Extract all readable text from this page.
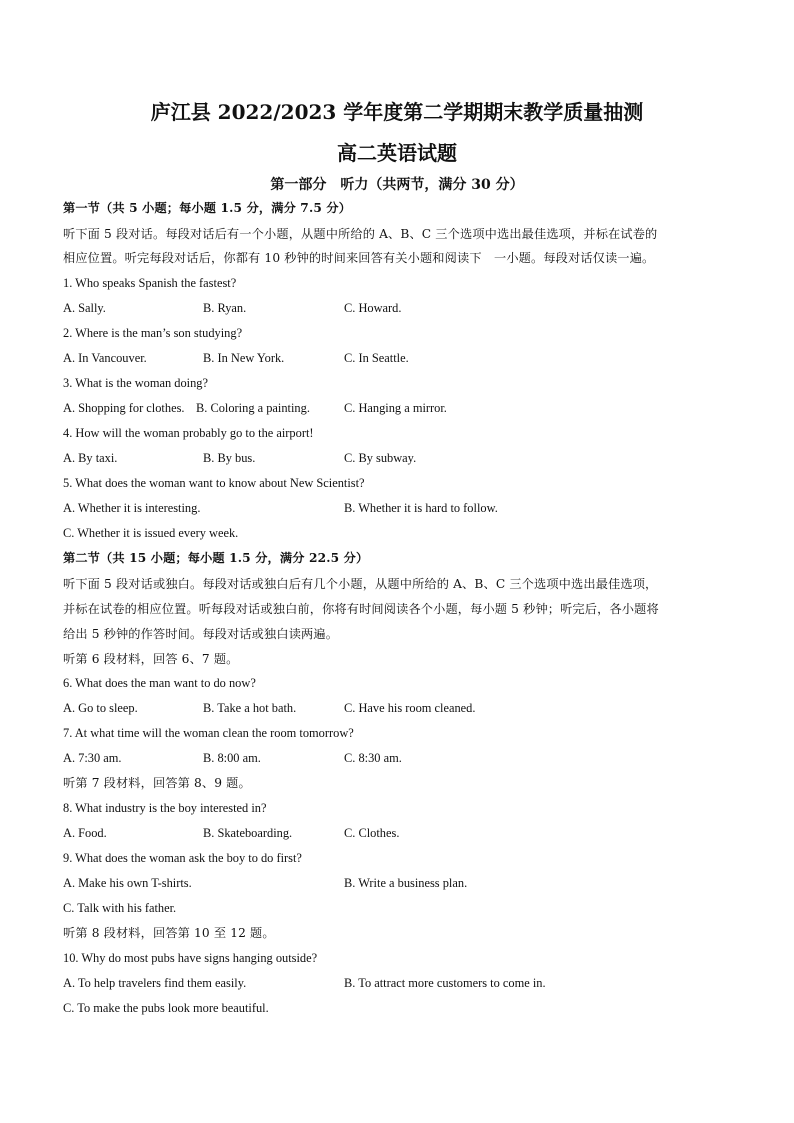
庐江县 2022/2023 学年度第二学期期末教学质量抽测
高二英语试题
第一部分　听力（共两节，满分 30 分）
第一节（共 5 小题；每小题 1.5 分，满分 7.5 分）
听下面 5 段对话。每段对话后有一个小题，从题中所给的 A、B、C 三个选项中选出最佳选项，并标在试卷的
相应位置。听完每段对话后，你都有 10 秒钟的时间来回答有关小题和阅读下　一小题。每段对话仅读一遍。
1. Who speaks Spanish the fastest?
A. Sally.	B. Ryan.	C. Howard.
2. Where is the man’s son studying?
A. In Vancouver.	B. In New York.	C. In Seattle.
3. What is the woman doing?
A. Shopping for clothes. B. Coloring a painting.	C. Hanging a mirror.
4. How will the woman probably go to the airport!
A. By taxi.	B. By bus.	C. By subway.
5. What does the woman want to know about New Scientist?
A. Whether it is interesting.	B. Whether it is hard to follow.
C. Whether it is issued every week.
第二节（共 15 小题；每小题 1.5 分，满分 22.5 分）
听下面 5 段对话或独白。每段对话或独白后有几个小题，从题中所给的 A、B、C 三个选项中选出最佳选项，
并标在试卷的相应位置。听每段对话或独白前，你将有时间阅读各个小题，每小题 5 秒钟；听完后，各小题将
给出 5 秒钟的作答时间。每段对话或独白读两遍。
听第 6 段材料，回答 6、7 题。
6. What does the man want to do now?
A. Go to sleep.	B. Take a hot bath.	C. Have his room cleaned.
7. At what time will the woman clean the room tomorrow?
A. 7:30 am.	B. 8:00 am.	C. 8:30 am.
听第 7 段材料，回答第 8、9 题。
8. What industry is the boy interested in?
A. Food.	B. Skateboarding.	C. Clothes.
9. What does the woman ask the boy to do first?
A. Make his own T-shirts.	B. Write a business plan.
C. Talk with his father.
听第 8 段材料，回答第 10 至 12 题。
10. Why do most pubs have signs hanging outside?
A. To help travelers find them easily.	B. To attract more customers to come in.
C. To make the pubs look more beautiful.
